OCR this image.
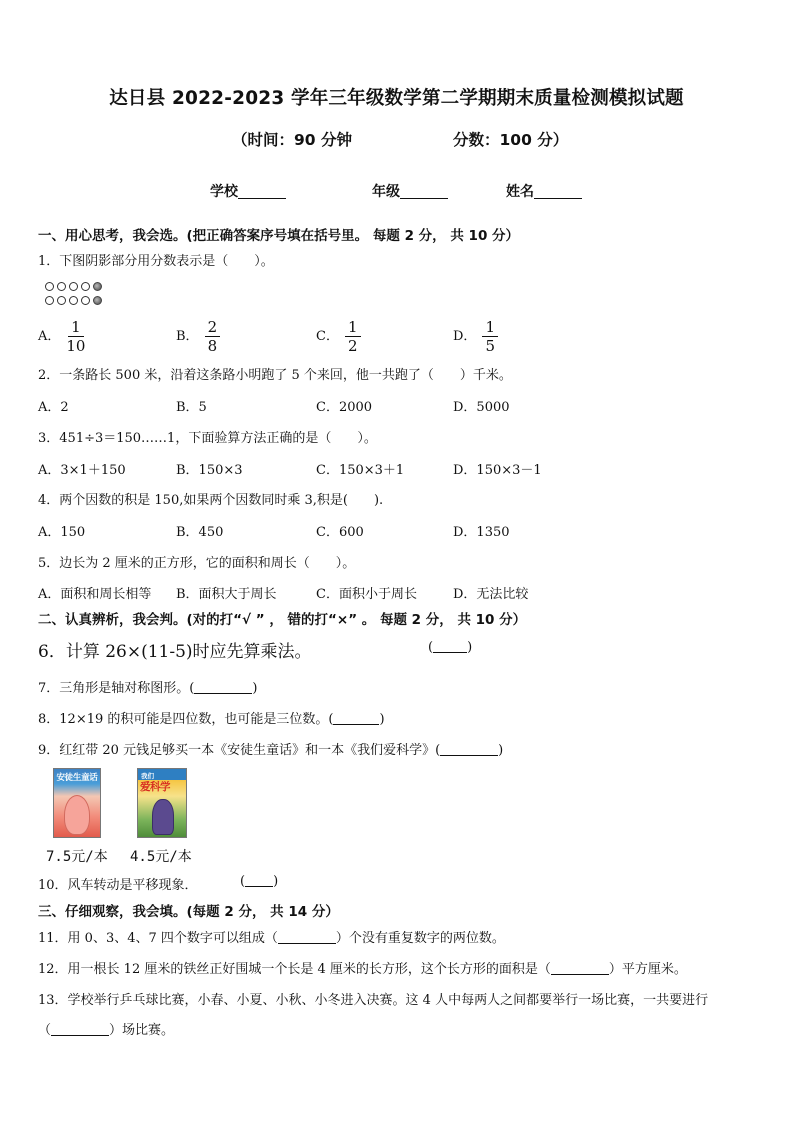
达日县 2022-2023 学年三年级数学第二学期期末质量检测模拟试题
（时间：90 分钟	分数：100 分）
学校	年级	姓名
一、用心思考，我会选。(把正确答案序号填在括号里。 每题 2 分， 共 10 分）
1．下图阴影部分用分数表示是（　　）。
A． $\frac{1}{10}$	B． $\frac{2}{8}$	C． $\frac{1}{2}$	D． $\frac{1}{5}$
2．一条路长 500 米，沿着这条路小明跑了 5 个来回，他一共跑了（　　）千米。
A．2	B．5	C．2000	D．5000
3．451÷3＝150……1，下面验算方法正确的是（　　）。
A．3×1＋150	B．150×3	C．150×3＋1	D．150×3－1
4．两个因数的积是 150,如果两个因数同时乘 3,积是(　　).
A．150	B．450	C．600	D．1350
5．边长为 2 厘米的正方形，它的面积和周长（　　）。
A．面积和周长相等 B．面积大于周长	C．面积小于周长	D．无法比较
二、认真辨析，我会判。(对的打“√ ” ， 错的打“×” 。 每题 2 分， 共 10 分）
6．计算 26×(11-5)时应先算乘法。	(	)
7．三角形是轴对称图形。(	)
8．12×19 的积可能是四位数，也可能是三位数。(	)
9．红红带 20 元钱足够买一本《安徒生童话》和一本《我们爱科学》(	)
安徒生童话	我们
爱科学
7.5元/本 4.5元/本
10．风车转动是平移现象．	( )
三、仔细观察，我会填。(每题 2 分， 共 14 分）
11．用 0、3、4、7 四个数字可以组成（	）个没有重复数字的两位数。
12．用一根长 12 厘米的铁丝正好围城一个长是 4 厘米的长方形，这个长方形的面积是（	）平方厘米。
13．学校举行乒乓球比赛，小春、小夏、小秋、小冬进入决赛。这 4 人中每两人之间都要举行一场比赛，一共要进行
（	）场比赛。
